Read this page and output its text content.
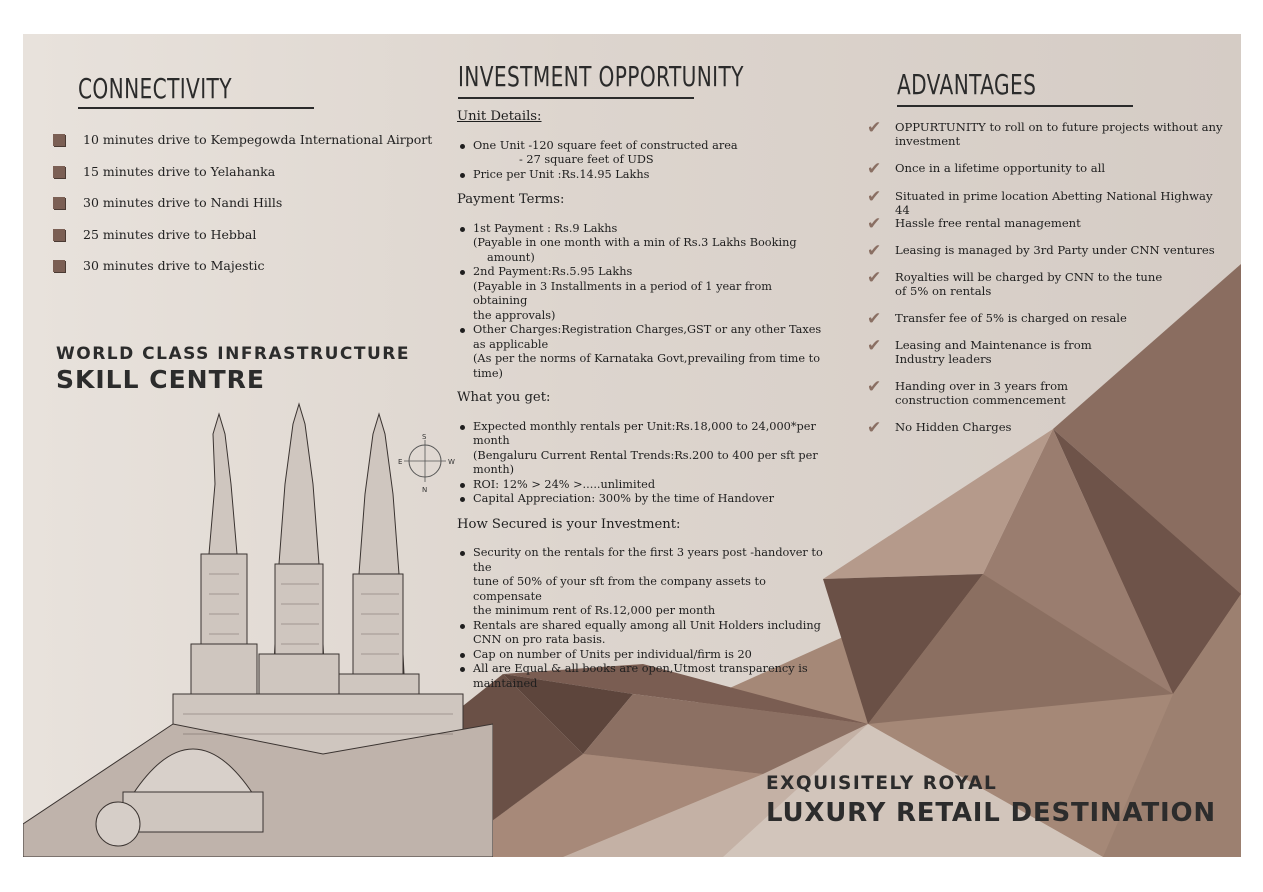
S
N
E	W
CONNECTIVITY
10 minutes drive to Kempegowda International Airport
15 minutes drive to Yelahanka
30 minutes drive to Nandi Hills
25 minutes drive to Hebbal
30 minutes drive to Majestic
WORLD CLASS INFRASTRUCTURE
SKILL CENTRE
INVESTMENT OPPORTUNITY
Unit Details:
One Unit -120 square feet of constructed area
- 27 square feet of UDS
Price per Unit :Rs.14.95 Lakhs
Payment Terms:
1st Payment : Rs.9 Lakhs
(Payable in one month with a min of Rs.3 Lakhs Booking
amount)
2nd Payment:Rs.5.95 Lakhs
(Payable in 3 Installments in a period of 1 year from obtaining
the approvals)
Other Charges:Registration Charges,GST or any other Taxes as applicable
(As per the norms of Karnataka Govt,prevailing from time to time)
What you get:
Expected monthly rentals per Unit:Rs.18,000 to 24,000*per month
(Bengaluru Current Rental Trends:Rs.200 to 400 per sft per month)
ROI: 12% > 24% >.....unlimited
Capital Appreciation: 300% by the time of Handover
How Secured is your Investment:
Security on the rentals for the first 3 years post -handover to the
tune of 50% of your sft from the company assets to compensate
the minimum rent of Rs.12,000 per month
Rentals are shared equally among all Unit Holders including CNN on pro rata basis.
Cap on number of Units per individual/firm is 20
All are Equal & all books are open,Utmost transparency is maintained
ADVANTAGES
✔ OPPURTUNITY to roll on to future projects without any investment
✔ Once in a lifetime opportunity to all
✔ Situated in prime location Abetting National Highway 44
✔ Hassle free rental management
✔ Leasing is managed by 3rd Party under CNN ventures
✔ Royalties will be charged by CNN to the tune of 5% on rentals
✔ Transfer fee of 5% is charged on resale
✔ Leasing and Maintenance is from Industry leaders
✔ Handing over in 3 years from construction commencement
✔ No Hidden Charges
EXQUISITELY ROYAL
LUXURY RETAIL DESTINATION
